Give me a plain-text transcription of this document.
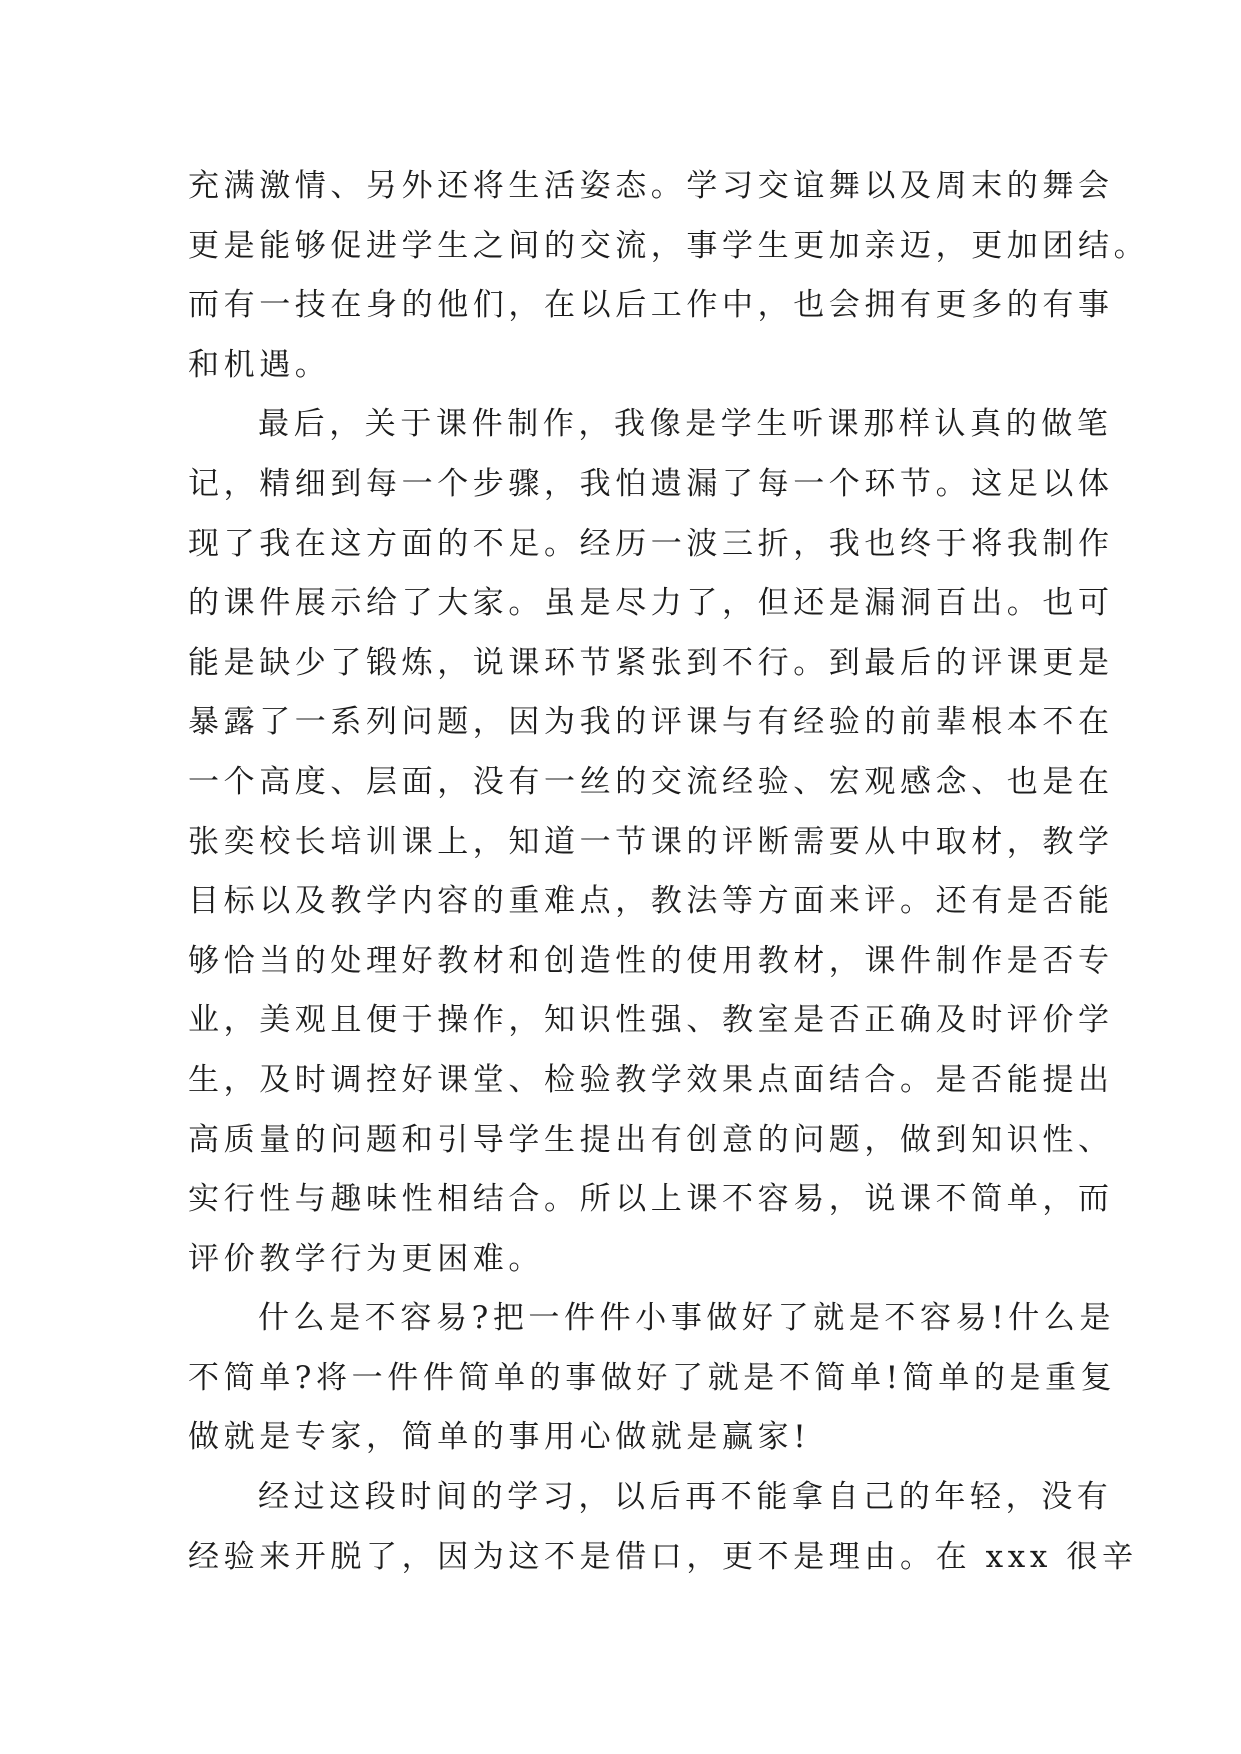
充满激情、另外还将生活姿态。学习交谊舞以及周末的舞会
更是能够促进学生之间的交流，事学生更加亲迈，更加团结。
而有一技在身的他们，在以后工作中，也会拥有更多的有事
和机遇。
最后，关于课件制作，我像是学生听课那样认真的做笔
记，精细到每一个步骤，我怕遗漏了每一个环节。这足以体
现了我在这方面的不足。经历一波三折，我也终于将我制作
的课件展示给了大家。虽是尽力了，但还是漏洞百出。也可
能是缺少了锻炼，说课环节紧张到不行。到最后的评课更是
暴露了一系列问题，因为我的评课与有经验的前辈根本不在
一个高度、层面，没有一丝的交流经验、宏观感念、也是在
张奕校长培训课上，知道一节课的评断需要从中取材，教学
目标以及教学内容的重难点，教法等方面来评。还有是否能
够恰当的处理好教材和创造性的使用教材，课件制作是否专
业，美观且便于操作，知识性强、教室是否正确及时评价学
生，及时调控好课堂、检验教学效果点面结合。是否能提出
高质量的问题和引导学生提出有创意的问题，做到知识性、
实行性与趣味性相结合。所以上课不容易，说课不简单，而
评价教学行为更困难。
什么是不容易?把一件件小事做好了就是不容易!什么是
不简单?将一件件简单的事做好了就是不简单!简单的是重复
做就是专家，简单的事用心做就是赢家!
经过这段时间的学习，以后再不能拿自己的年轻，没有
经验来开脱了，因为这不是借口，更不是理由。在 xxx 很辛
